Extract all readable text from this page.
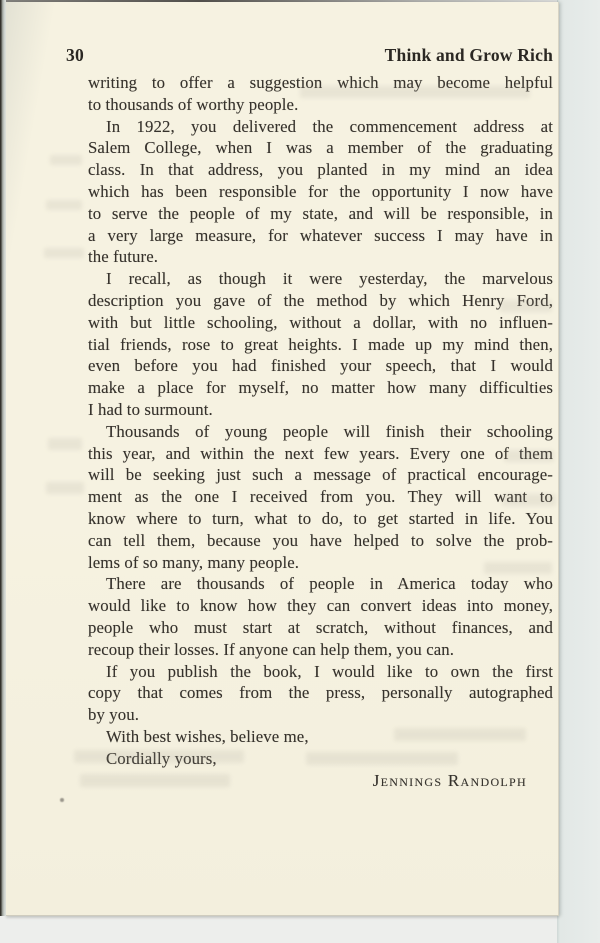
30	Think and Grow Rich
writing to offer a suggestion which may become helpful
to thousands of worthy people.
In 1922, you delivered the commencement address at
Salem College, when I was a member of the graduating
class. In that address, you planted in my mind an idea
which has been responsible for the opportunity I now have
to serve the people of my state, and will be responsible, in
a very large measure, for whatever success I may have in
the future.
I recall, as though it were yesterday, the marvelous
description you gave of the method by which Henry Ford,
with but little schooling, without a dollar, with no influen-
tial friends, rose to great heights. I made up my mind then,
even before you had finished your speech, that I would
make a place for myself, no matter how many difficulties
I had to surmount.
Thousands of young people will finish their schooling
this year, and within the next few years. Every one of them
will be seeking just such a message of practical encourage-
ment as the one I received from you. They will want to
know where to turn, what to do, to get started in life. You
can tell them, because you have helped to solve the prob-
lems of so many, many people.
There are thousands of people in America today who
would like to know how they can convert ideas into money,
people who must start at scratch, without finances, and
recoup their losses. If anyone can help them, you can.
If you publish the book, I would like to own the first
copy that comes from the press, personally autographed
by you.
With best wishes, believe me,
Cordially yours,
Jennings Randolph
